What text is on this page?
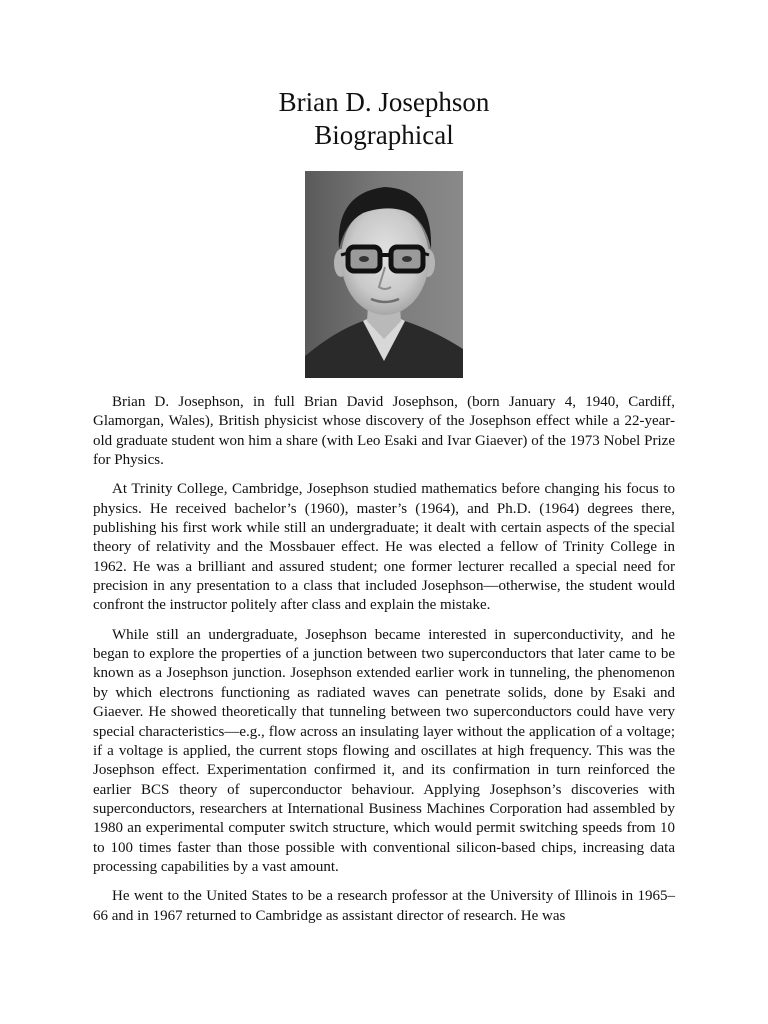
Brian D. Josephson
Biographical

Brian D. Josephson, in full Brian David Josephson, (born January 4, 1940, Cardiff, Glamorgan, Wales), British physicist whose discovery of the Josephson effect while a 22-year-old graduate student won him a share (with Leo Esaki and Ivar Giaever) of the 1973 Nobel Prize for Physics.

At Trinity College, Cambridge, Josephson studied mathematics before changing his focus to physics. He received bachelor’s (1960), master’s (1964), and Ph.D. (1964) degrees there, publishing his first work while still an undergraduate; it dealt with certain aspects of the special theory of relativity and the Mossbauer effect. He was elected a fellow of Trinity College in 1962. He was a brilliant and assured student; one former lecturer recalled a special need for precision in any presentation to a class that included Josephson—otherwise, the student would confront the instructor politely after class and explain the mistake.

While still an undergraduate, Josephson became interested in superconductivity, and he began to explore the properties of a junction between two superconductors that later came to be known as a Josephson junction. Josephson extended earlier work in tunneling, the phenomenon by which electrons functioning as radiated waves can penetrate solids, done by Esaki and Giaever. He showed theoretically that tunneling between two superconductors could have very special characteristics—e.g., flow across an insulating layer without the application of a voltage; if a voltage is applied, the current stops flowing and oscillates at high frequency. This was the Josephson effect. Experimentation confirmed it, and its confirmation in turn reinforced the earlier BCS theory of superconductor behaviour. Applying Josephson’s discoveries with superconductors, researchers at International Business Machines Corporation had assembled by 1980 an experimental computer switch structure, which would permit switching speeds from 10 to 100 times faster than those possible with conventional silicon-based chips, increasing data processing capabilities by a vast amount.

He went to the United States to be a research professor at the University of Illinois in 1965–66 and in 1967 returned to Cambridge as assistant director of research. He was
